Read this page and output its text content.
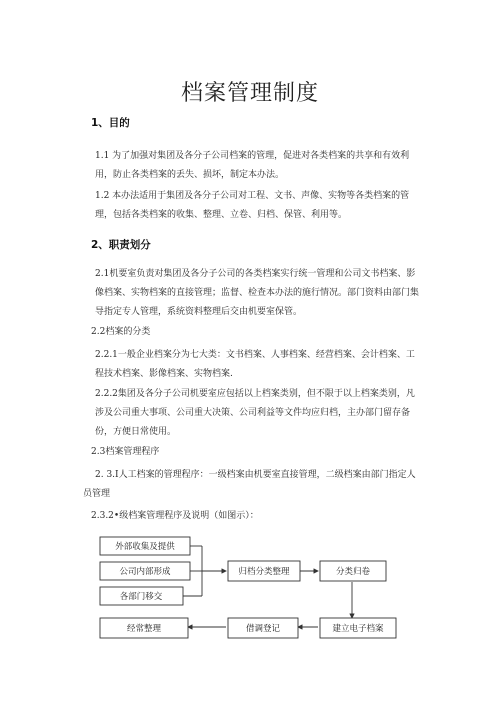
档案管理制度
1、目的
1.1 为了加强对集团及各分子公司档案的管理，促进对各类档案的共享和有效利
用，防止各类档案的丢失、损坏，制定本办法。
1.2 本办法适用于集团及各分子公司对工程、文书、声像、实物等各类档案的管
理，包括各类档案的收集、整理、立卷、归档、保管、利用等。
2、职责划分
2.1机要室负责对集团及各分子公司的各类档案实行统一管理和公司文书档案、影
像档案、实物档案的直接管理；监督、检查本办法的施行情况。部门资料由部门集
导指定专人管理，系统资料整理后交由机要室保管。
2.2档案的分类
2.2.1一般企业档案分为七大类：文书档案、人事档案、经营档案、会计档案、工
程技术档案、影像档案、实物档案.
2.2.2集团及各分子公司机要室应包括以上档案类别，但不限于以上档案类别，凡
涉及公司重大事项、公司重大决策、公司利益等文件均应归档，主办部门留存备
份，方便日常使用。
2.3档案管理程序
2. 3.I人工档案的管理程序：一级档案由机要室直接管理，二级档案由部门指定人
员管理
2.3.2•级档案管理程序及说明（如图示）：
外部收集及提供
公司内部形成
各部门移交
归档分类整理	分类归卷
建立电子档案
借调登记
经常整理
